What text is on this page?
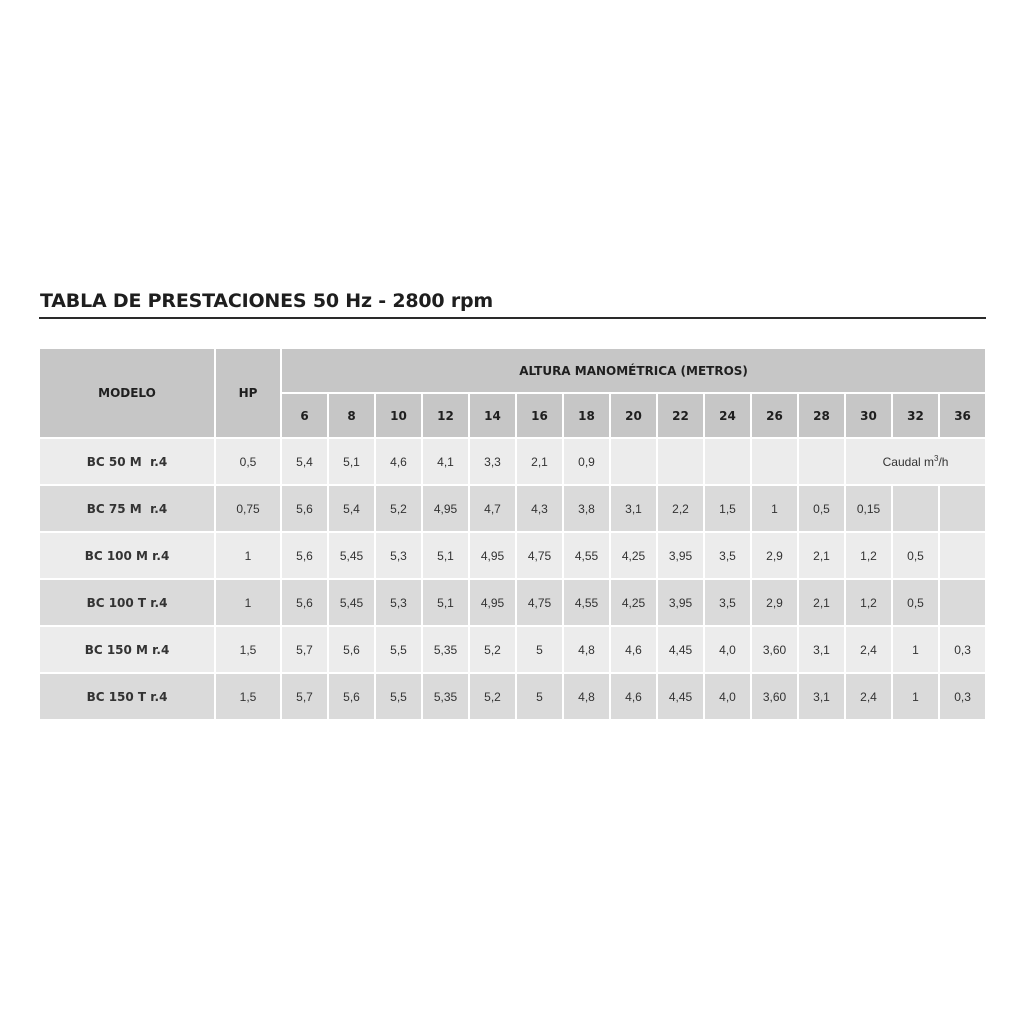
TABLA DE PRESTACIONES 50 Hz - 2800 rpm
MODELO	HP	ALTURA MANOMÉTRICA (METROS)														
		6	8	10	12	14	16	18	20	22	24	26	28	30	32	36
BC 50 M  r.4	0,5	5,4	5,1	4,6	4,1	3,3	2,1	0,9						Caudal $m^3/h$		
BC 75 M  r.4	0,75	5,6	5,4	5,2	4,95	4,7	4,3	3,8	3,1	2,2	1,5	1	0,5	0,15		
BC 100 M r.4	1	5,6	5,45	5,3	5,1	4,95	4,75	4,55	4,25	3,95	3,5	2,9	2,1	1,2	0,5	
BC 100 T r.4	1	5,6	5,45	5,3	5,1	4,95	4,75	4,55	4,25	3,95	3,5	2,9	2,1	1,2	0,5	
BC 150 M r.4	1,5	5,7	5,6	5,5	5,35	5,2	5	4,8	4,6	4,45	4,0	3,60	3,1	2,4	1	0,3
BC 150 T r.4	1,5	5,7	5,6	5,5	5,35	5,2	5	4,8	4,6	4,45	4,0	3,60	3,1	2,4	1	0,3
